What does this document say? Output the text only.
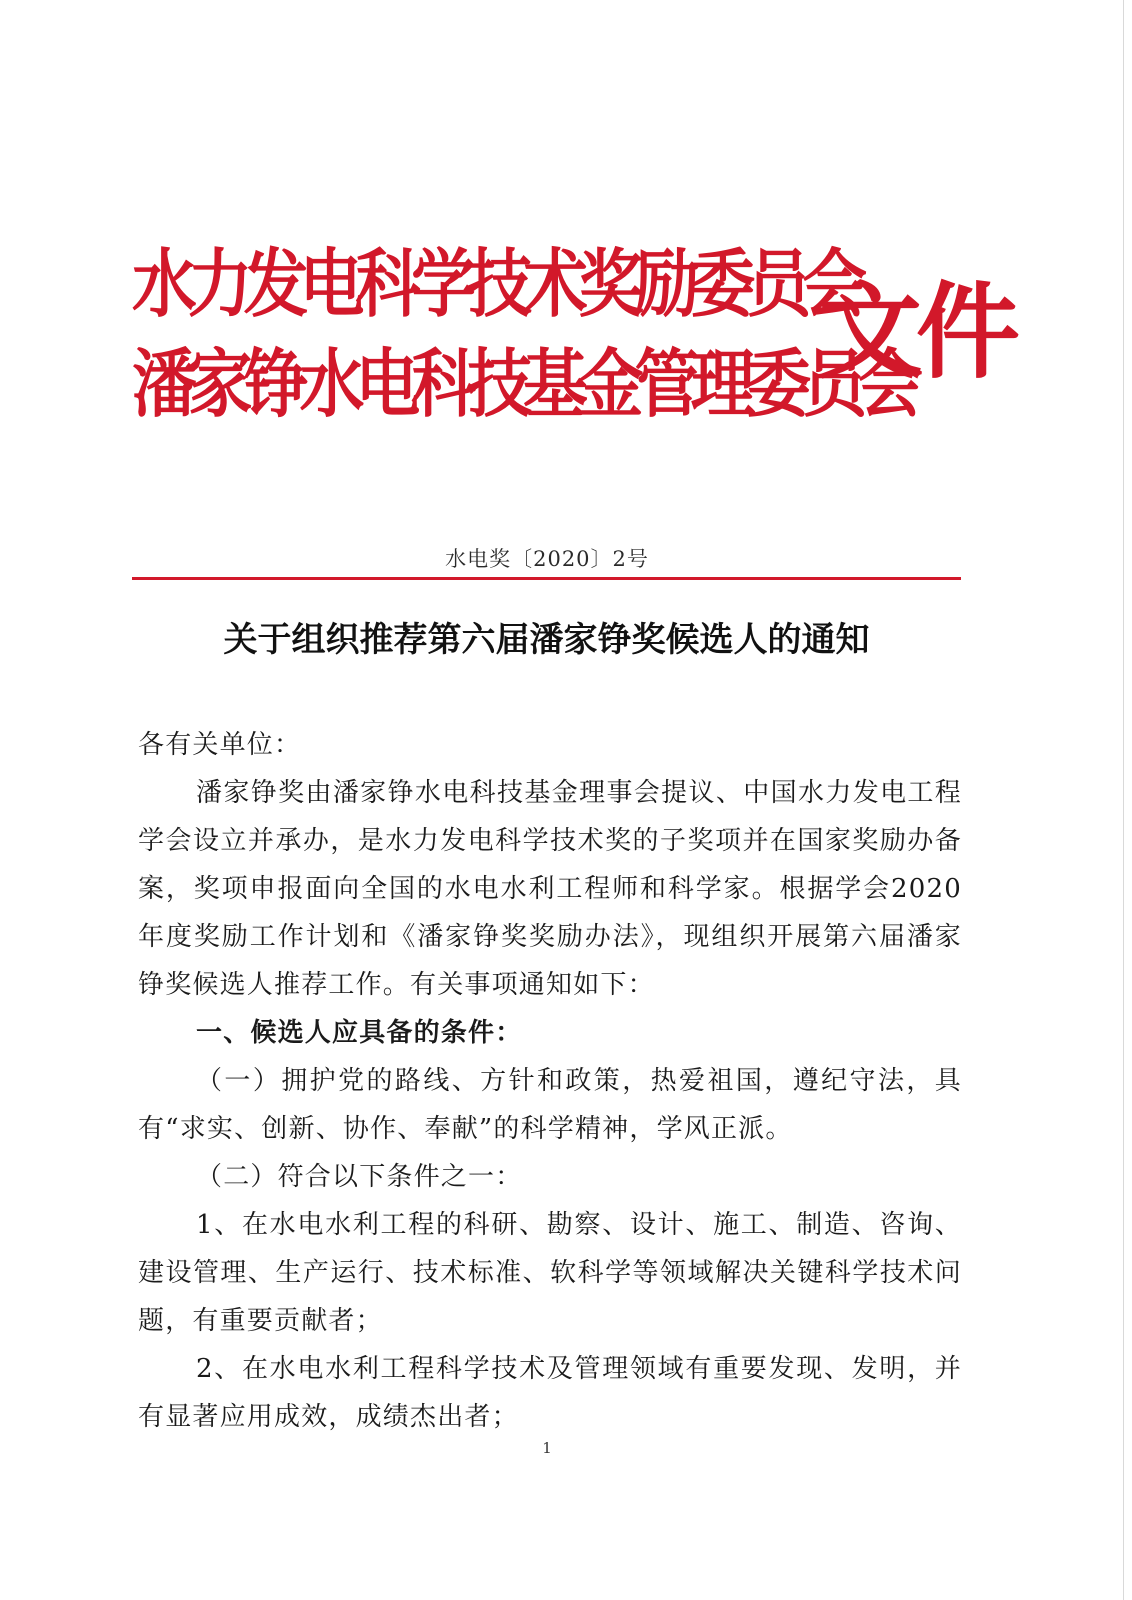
水力发电科学技术奖励委员会
潘家铮水电科技基金管理委员会
文件
水电奖〔2020〕2号
关于组织推荐第六届潘家铮奖候选人的通知

各有关单位：

潘家铮奖由潘家铮水电科技基金理事会提议、中国水力发电工程学会设立并承办，是水力发电科学技术奖的子奖项并在国家奖励办备案，奖项申报面向全国的水电水利工程师和科学家。根据学会2020年度奖励工作计划和《潘家铮奖奖励办法》，现组织开展第六届潘家铮奖候选人推荐工作。有关事项通知如下：

一、候选人应具备的条件：

（一）拥护党的路线、方针和政策，热爱祖国，遵纪守法，具有“求实、创新、协作、奉献”的科学精神，学风正派。

（二）符合以下条件之一：

1、在水电水利工程的科研、勘察、设计、施工、制造、咨询、建设管理、生产运行、技术标准、软科学等领域解决关键科学技术问题，有重要贡献者；

2、在水电水利工程科学技术及管理领域有重要发现、发明，并有显著应用成效，成绩杰出者；

1
